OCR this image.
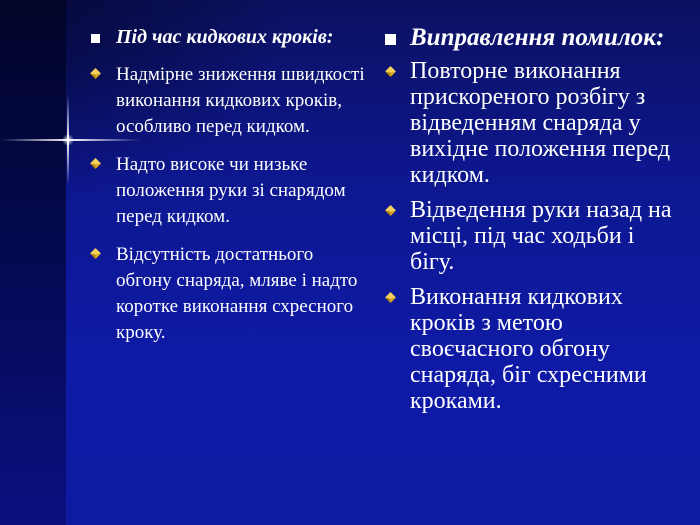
Під час кидкових кроків:
Надмірне зниження швидкості виконання кидкових кроків, особливо перед кидком.
Надто високе чи низьке положення руки зі снарядом перед кидком.
Відсутність достатнього обгону снаряда, мляве і надто коротке виконання схресного кроку.
Виправлення помилок:
Повторне виконання прискореного розбігу з відведенням снаряда у вихідне положення перед кидком.
Відведення руки назад на місці, під час ходьби і бігу.
Виконання кидкових кроків з метою своєчасного обгону снаряда, біг схресними кроками.
